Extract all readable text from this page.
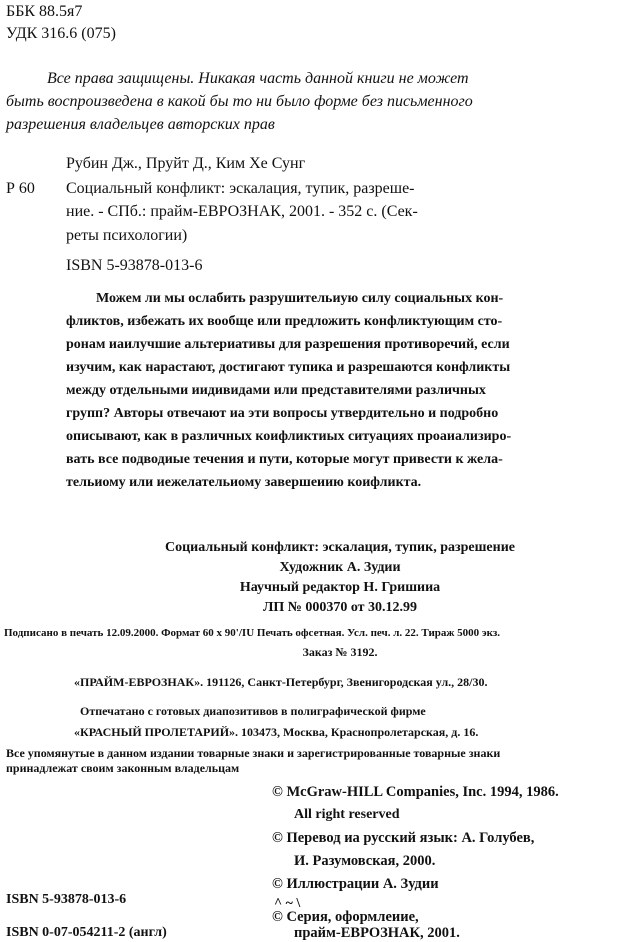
ББК 88.5я7
УДК 316.6 (075)
Все права защищены. Никакая часть данной книги не может
быть воспроизведена в какой бы то ни было форме без письменного
разрешения владельцев авторских прав
Рубин Дж., Пруйт Д., Ким Хе Сунг
Р 60 Социальный конфликт: эскалация, тупик, разреше-
ние. - СПб.: прайм-ЕВРОЗНАК, 2001. - 352 с. (Сек-
реты психологии)
ISBN 5-93878-013-6
Можем ли мы ослабить разрушительиую силу социальных кон-
фликтов, избежать их вообще или предложить конфликтующим сто-
ронам иаилучшие альтериативы для разрешения противоречий, если
изучим, как нарастают, достигают тупика и разрешаются конфликты
между отдельными иидивидами или представителями различных
групп? Авторы отвечают иа эти вопросы утвердительно и подробно
описывают, как в различных коифликтиых ситуациях проаиализиро-
вать все подводиые течения и пути, которые могут привести к жела-
тельиому или иежелательиому завершеиию коифликта.
Социальный конфликт: эскалация, тупик, разрешение
Художник А. Зудии
Научный редактор Н. Гришииа
ЛП № 000370 от 30.12.99
Подписано в печать 12.09.2000. Формат 60 х 90'/IU Печать офсетная. Усл. печ. л. 22. Тираж 5000 экз.
Заказ № 3192.
«ПРАЙМ-ЕВРОЗНАК». 191126, Санкт-Петербург, Звенигородская ул., 28/30.
Отпечатано с готовых диапозитивов в полиграфической фирме
«КРАСНЫЙ ПРОЛЕТАРИЙ». 103473, Москва, Краснопролетарская, д. 16.
Все упомянутые в данном издании товарные знаки и зарегистрированные товарные знаки
принадлежат своим законным владельцам
© McGraw-HILL Companies, Inc. 1994, 1986.
All right reserved
© Перевод иа русский язык: А. Голубев,
И. Разумовская, 2000.
© Иллюстрации А. Зудии
^ ~ \
© Серия, оформлеиие,
прайм-ЕВРОЗНАК, 2001.
ISBN 5-93878-013-6
ISBN 0-07-054211-2 (англ)
